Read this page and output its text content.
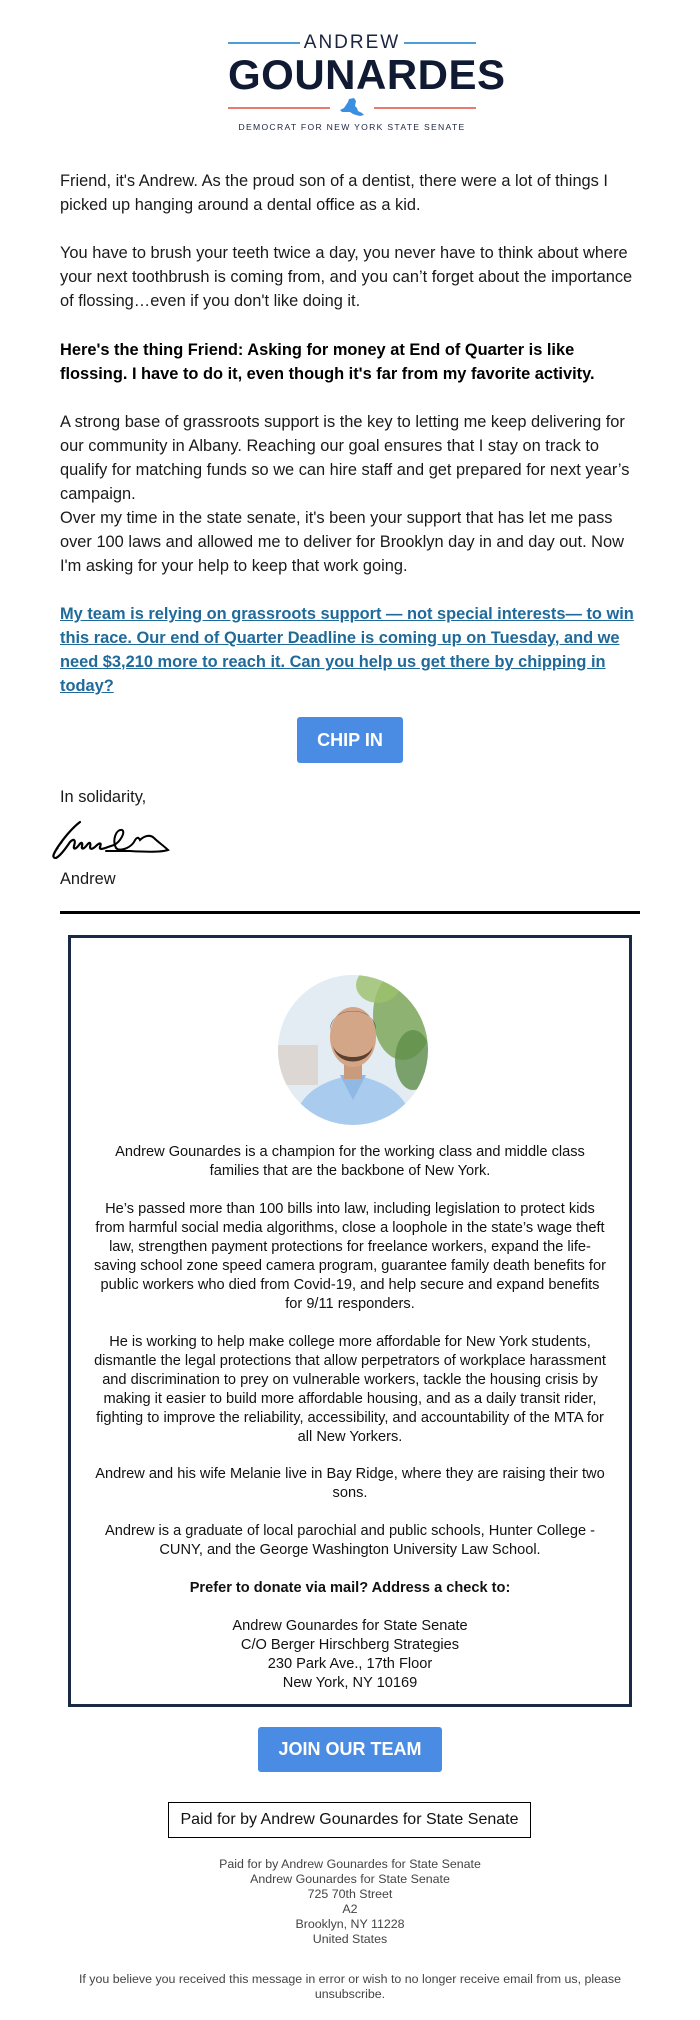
ANDREW
GOUNARDES
DEMOCRAT FOR NEW YORK STATE SENATE

Friend, it's Andrew. As the proud son of a dentist, there were a lot of things I picked up hanging around a dental office as a kid.

You have to brush your teeth twice a day, you never have to think about where your next toothbrush is coming from, and you can’t forget about the importance of flossing…even if you don't like doing it.

Here's the thing Friend: Asking for money at End of Quarter is like flossing. I have to do it, even though it's far from my favorite activity.

A strong base of grassroots support is the key to letting me keep delivering for our community in Albany. Reaching our goal ensures that I stay on track to qualify for matching funds so we can hire staff and get prepared for next year’s campaign.

Over my time in the state senate, it's been your support that has let me pass over 100 laws and allowed me to deliver for Brooklyn day in and day out. Now I'm asking for your help to keep that work going.

My team is relying on grassroots support — not special interests— to win this race. Our end of Quarter Deadline is coming up on Tuesday, and we need $3,210 more to reach it. Can you help us get there by chipping in today?
CHIP IN
In solidarity,
Andrew

Andrew Gounardes is a champion for the working class and middle class families that are the backbone of New York.

He’s passed more than 100 bills into law, including legislation to protect kids from harmful social media algorithms, close a loophole in the state’s wage theft law, strengthen payment protections for freelance workers, expand the life-saving school zone speed camera program, guarantee family death benefits for public workers who died from Covid-19, and help secure and expand benefits for 9/11 responders.

He is working to help make college more affordable for New York students, dismantle the legal protections that allow perpetrators of workplace harassment and discrimination to prey on vulnerable workers, tackle the housing crisis by making it easier to build more affordable housing, and as a daily transit rider, fighting to improve the reliability, accessibility, and accountability of the MTA for all New Yorkers.

Andrew and his wife Melanie live in Bay Ridge, where they are raising their two sons.

Andrew is a graduate of local parochial and public schools, Hunter College - CUNY, and the George Washington University Law School.

Prefer to donate via mail? Address a check to:

Andrew Gounardes for State Senate
C/O Berger Hirschberg Strategies
230 Park Ave., 17th Floor
New York, NY 10169
JOIN OUR TEAM
Paid for by Andrew Gounardes for State Senate
Paid for by Andrew Gounardes for State Senate
Andrew Gounardes for State Senate
725 70th Street
A2
Brooklyn, NY 11228
United States
If you believe you received this message in error or wish to no longer receive email from us, please unsubscribe.
